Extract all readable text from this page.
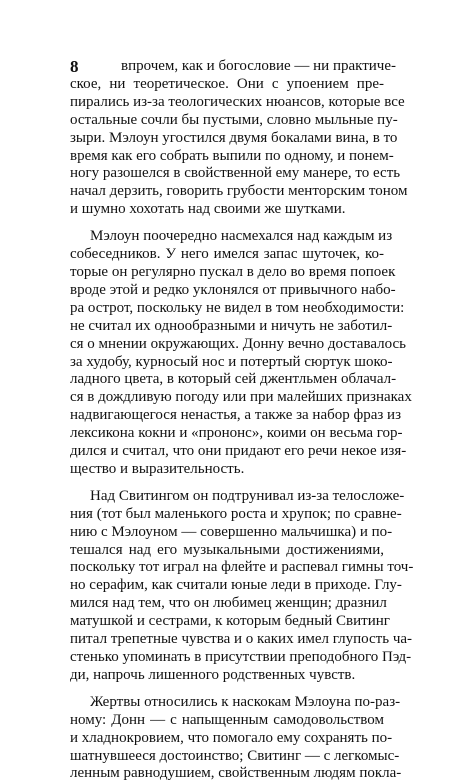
8	впрочем, как и богословие — ни практиче-
ское, ни теоретическое. Они с упоением пре-
пирались из-за теологических нюансов, которые все
остальные сочли бы пустыми, словно мыльные пу-
зыри. Мэлоун угостился двумя бокалами вина, в то
время как его собрать выпили по одному, и понем-
ногу разошелся в свойственной ему манере, то есть
начал дерзить, говорить грубости менторским тоном
и шумно хохотать над своими же шутками.

Мэлоун поочередно насмехался над каждым из
собеседников. У него имелся запас шуточек, ко-
торые он регулярно пускал в дело во время попоек
вроде этой и редко уклонялся от привычного набо-
ра острот, поскольку не видел в том необходимости:
не считал их однообразными и ничуть не заботил-
ся о мнении окружающих. Донну вечно доставалось
за худобу, курносый нос и потертый сюртук шоко-
ладного цвета, в который сей джентльмен облачал-
ся в дождливую погоду или при малейших признаках
надвигающегося ненастья, а также за набор фраз из
лексикона кокни и «прононс», коими он весьма гор-
дился и считал, что они придают его речи некое изя-
щество и выразительность.

Над Свитингом он подтрунивал из-за телосложе-
ния (тот был маленького роста и хрупок; по сравне-
нию с Мэлоуном — совершенно мальчишка) и по-
тешался над его музыкальными достижениями,
поскольку тот играл на флейте и распевал гимны точ-
но серафим, как считали юные леди в приходе. Глу-
мился над тем, что он любимец женщин; дразнил
матушкой и сестрами, к которым бедный Свитинг
питал трепетные чувства и о каких имел глупость ча-
стенько упоминать в присутствии преподобного Пэд-
ди, напрочь лишенного родственных чувств.

Жертвы относились к наскокам Мэлоуна по-раз-
ному: Донн — с напыщенным самодовольством
и хладнокровием, что помогало ему сохранять по-
шатнувшееся достоинство; Свитинг — с легкомыс-
ленным равнодушием, свойственным людям покла-
